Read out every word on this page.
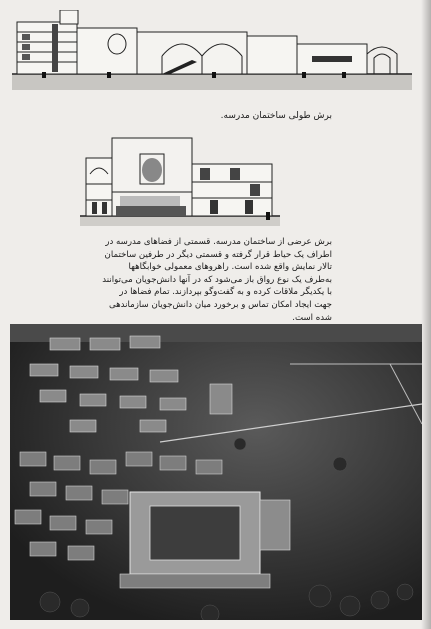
برش طولی ساختمان مدرسه.
برش عرضی از ساختمان مدرسه. قسمتی از فضاهای مدرسه در اطراف یک حیاط قرار گرفته و قسمتی دیگر در طرفین ساختمان تالار نمایش واقع شده است. راهروهای معمولی خوابگاهها به‌طرف یک نوع رواق باز می‌شود که در آنها دانش‌جویان می‌توانند با یکدیگر ملاقات کرده و به گفت‌وگو بپردازند. تمام فضاها در جهت ایجاد امکان تماس و برخورد میان دانش‌جویان سازماندهی شده است.
